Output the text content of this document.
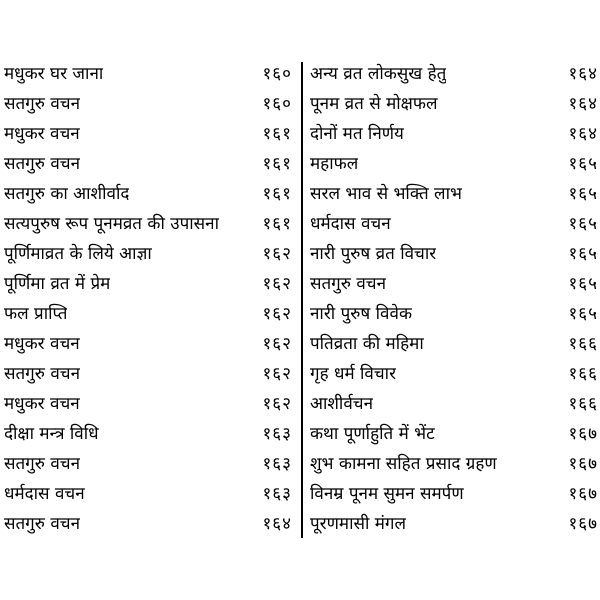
मधुकर घर जाना	१६०
सतगुरु वचन	१६०
मधुकर वचन	१६१
सतगुरु वचन	१६१
सतगुरु का आशीर्वाद	१६१
सत्यपुरुष रूप पूनमव्रत की उपासना	१६१
पूर्णिमाव्रत के लिये आज्ञा	१६२
पूर्णिमा व्रत में प्रेम	१६२
फल प्राप्ति	१६२
मधुकर वचन	१६२
सतगुरु वचन	१६२
मधुकर वचन	१६२
दीक्षा मन्त्र विधि	१६३
सतगुरु वचन	१६३
धर्मदास वचन	१६३
सतगुरु वचन	१६४
अन्य व्रत लोकसुख हेतु	१६४
पूनम व्रत से मोक्षफल	१६४
दोनों मत निर्णय	१६४
महाफल	१६५
सरल भाव से भक्ति लाभ	१६५
धर्मदास वचन	१६५
नारी पुरुष व्रत विचार	१६५
सतगुरु वचन	१६५
नारी पुरुष विवेक	१६५
पतिव्रता की महिमा	१६६
गृह धर्म विचार	१६६
आशीर्वचन	१६६
कथा पूर्णाहुति में भेंट	१६७
शुभ कामना सहित प्रसाद ग्रहण	१६७
विनम्र पूनम सुमन समर्पण	१६७
पूरणमासी मंगल	१६७
